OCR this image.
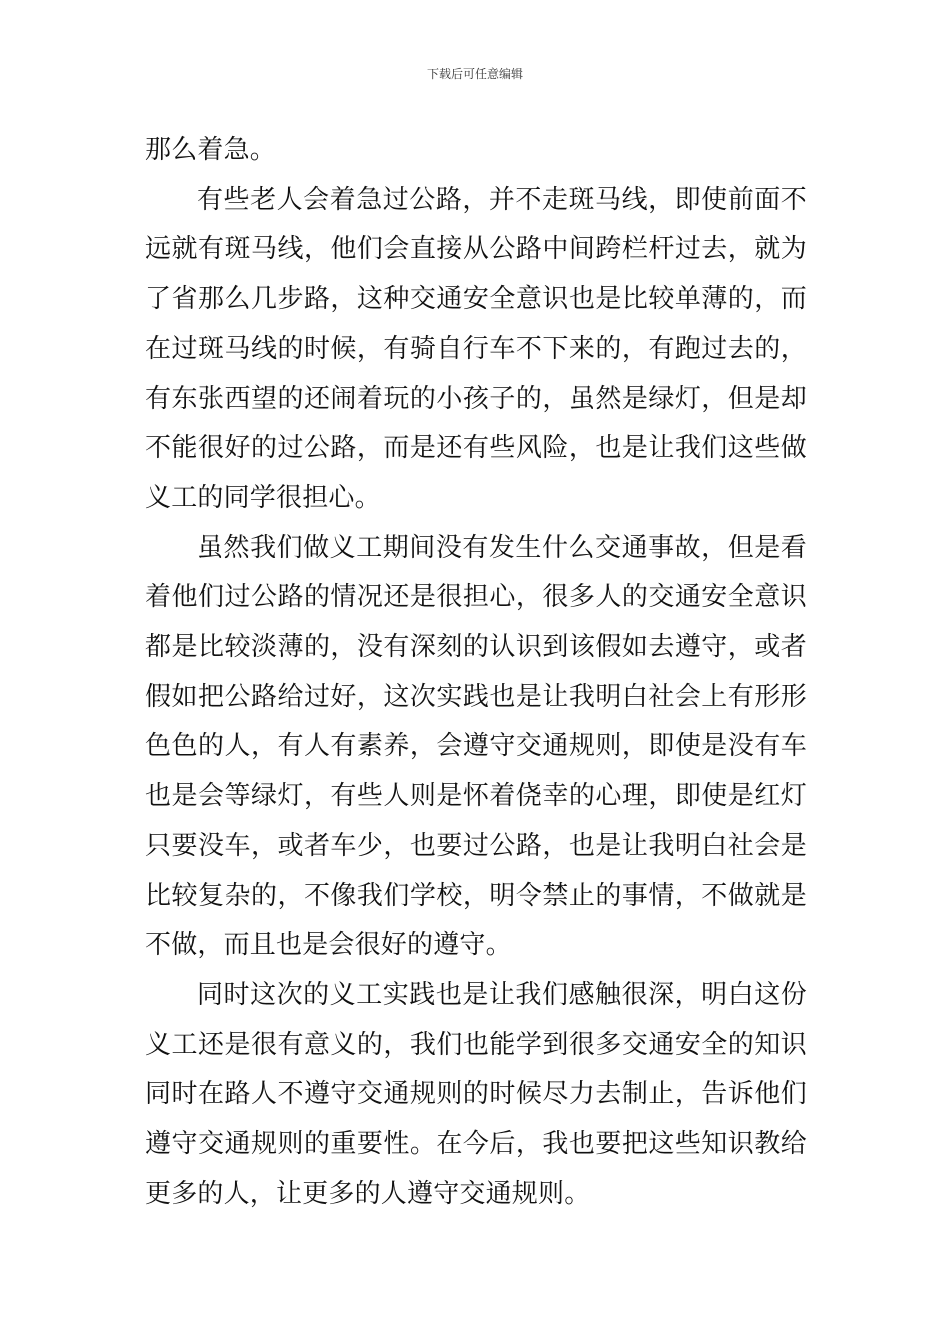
下载后可任意编辑

那么着急。

有些老人会着急过公路，并不走斑马线，即使前面不远就有斑马线，他们会直接从公路中间跨栏杆过去，就为了省那么几步路，这种交通安全意识也是比较单薄的，而在过斑马线的时候，有骑自行车不下来的，有跑过去的，有东张西望的还闹着玩的小孩子的，虽然是绿灯，但是却不能很好的过公路，而是还有些风险，也是让我们这些做义工的同学很担心。

虽然我们做义工期间没有发生什么交通事故，但是看着他们过公路的情况还是很担心，很多人的交通安全意识都是比较淡薄的，没有深刻的认识到该假如去遵守，或者假如把公路给过好，这次实践也是让我明白社会上有形形色色的人，有人有素养，会遵守交通规则，即使是没有车也是会等绿灯，有些人则是怀着侥幸的心理，即使是红灯只要没车，或者车少，也要过公路，也是让我明白社会是比较复杂的，不像我们学校，明令禁止的事情，不做就是不做，而且也是会很好的遵守。

同时这次的义工实践也是让我们感触很深，明白这份义工还是很有意义的，我们也能学到很多交通安全的知识同时在路人不遵守交通规则的时候尽力去制止，告诉他们遵守交通规则的重要性。在今后，我也要把这些知识教给更多的人，让更多的人遵守交通规则。
